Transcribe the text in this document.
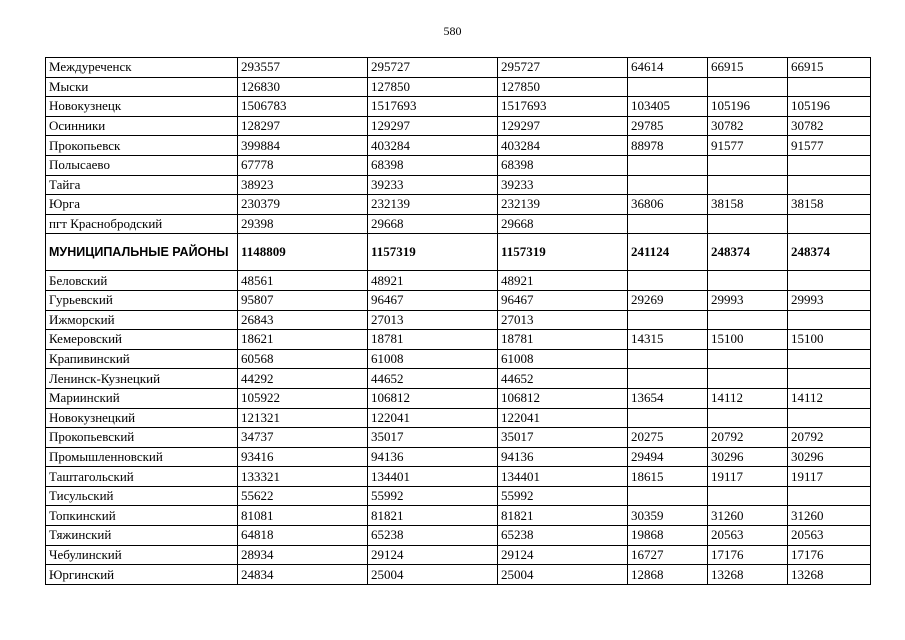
580
Междуреченск	293557	295727	295727	64614	66915	66915
Мыски	126830	127850	127850			
Новокузнецк	1506783	1517693	1517693	103405	105196	105196
Осинники	128297	129297	129297	29785	30782	30782
Прокопьевск	399884	403284	403284	88978	91577	91577
Полысаево	67778	68398	68398			
Тайга	38923	39233	39233			
Юрга	230379	232139	232139	36806	38158	38158
пгт Краснобродский	29398	29668	29668			
МУНИЦИПАЛЬНЫЕ РАЙОНЫ	1148809	1157319	1157319	241124	248374	248374
Беловский	48561	48921	48921			
Гурьевский	95807	96467	96467	29269	29993	29993
Ижморский	26843	27013	27013			
Кемеровский	18621	18781	18781	14315	15100	15100
Крапивинский	60568	61008	61008			
Ленинск-Кузнецкий	44292	44652	44652			
Мариинский	105922	106812	106812	13654	14112	14112
Новокузнецкий	121321	122041	122041			
Прокопьевский	34737	35017	35017	20275	20792	20792
Промышленновский	93416	94136	94136	29494	30296	30296
Таштагольский	133321	134401	134401	18615	19117	19117
Тисульский	55622	55992	55992			
Топкинский	81081	81821	81821	30359	31260	31260
Тяжинский	64818	65238	65238	19868	20563	20563
Чебулинский	28934	29124	29124	16727	17176	17176
Юргинский	24834	25004	25004	12868	13268	13268
